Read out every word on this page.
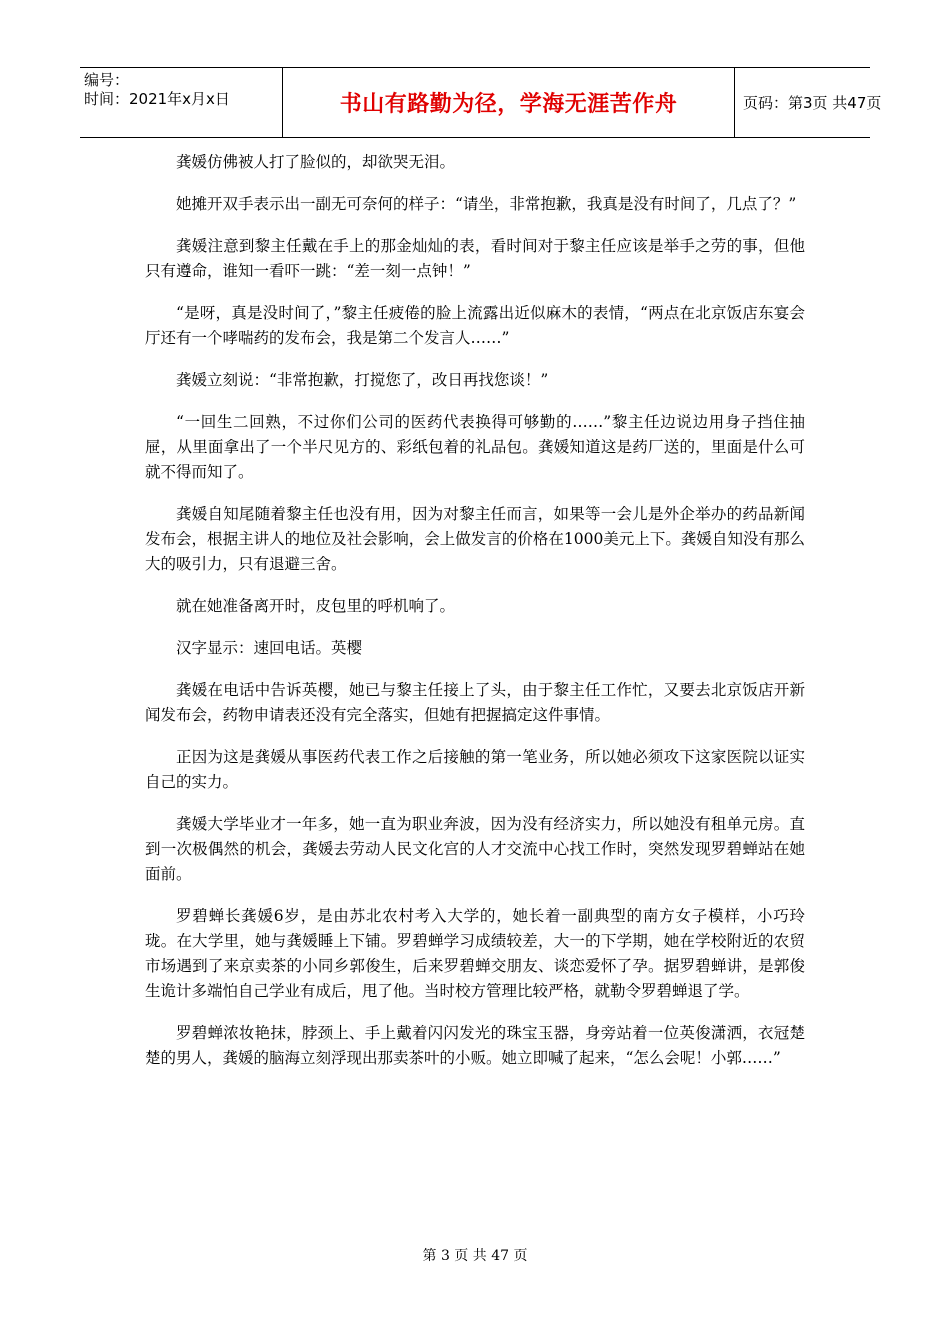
编号：
时间：2021年x月x日	书山有路勤为径，学海无涯苦作舟	页码：第3页 共47页

龚媛仿佛被人打了脸似的，却欲哭无泪。

她摊开双手表示出一副无可奈何的样子：“请坐，非常抱歉，我真是没有时间了，几点了？”

龚媛注意到黎主任戴在手上的那金灿灿的表，看时间对于黎主任应该是举手之劳的事，但他只有遵命，谁知一看吓一跳：“差一刻一点钟！”

“是呀，真是没时间了，”黎主任疲倦的脸上流露出近似麻木的表情，“两点在北京饭店东宴会厅还有一个哮喘药的发布会，我是第二个发言人……”

龚媛立刻说：“非常抱歉，打搅您了，改日再找您谈！”

“一回生二回熟，不过你们公司的医药代表换得可够勤的……”黎主任边说边用身子挡住抽屉，从里面拿出了一个半尺见方的、彩纸包着的礼品包。龚媛知道这是药厂送的，里面是什么可就不得而知了。

龚媛自知尾随着黎主任也没有用，因为对黎主任而言，如果等一会儿是外企举办的药品新闻发布会，根据主讲人的地位及社会影响，会上做发言的价格在1000美元上下。龚媛自知没有那么大的吸引力，只有退避三舍。

就在她准备离开时，皮包里的呼机响了。

汉字显示：速回电话。英樱

龚媛在电话中告诉英樱，她已与黎主任接上了头，由于黎主任工作忙，又要去北京饭店开新闻发布会，药物申请表还没有完全落实，但她有把握搞定这件事情。

正因为这是龚媛从事医药代表工作之后接触的第一笔业务，所以她必须攻下这家医院以证实自己的实力。

龚媛大学毕业才一年多，她一直为职业奔波，因为没有经济实力，所以她没有租单元房。直到一次极偶然的机会，龚媛去劳动人民文化宫的人才交流中心找工作时，突然发现罗碧蝉站在她面前。

罗碧蝉长龚媛6岁，是由苏北农村考入大学的，她长着一副典型的南方女子模样，小巧玲珑。在大学里，她与龚媛睡上下铺。罗碧蝉学习成绩较差，大一的下学期，她在学校附近的农贸市场遇到了来京卖茶的小同乡郭俊生，后来罗碧蝉交朋友、谈恋爱怀了孕。据罗碧蝉讲，是郭俊生诡计多端怕自己学业有成后，甩了他。当时校方管理比较严格，就勒令罗碧蝉退了学。

罗碧蝉浓妆艳抹，脖颈上、手上戴着闪闪发光的珠宝玉器，身旁站着一位英俊潇洒，衣冠楚楚的男人，龚媛的脑海立刻浮现出那卖茶叶的小贩。她立即喊了起来，“怎么会呢！小郭……”

第 3 页 共 47 页
